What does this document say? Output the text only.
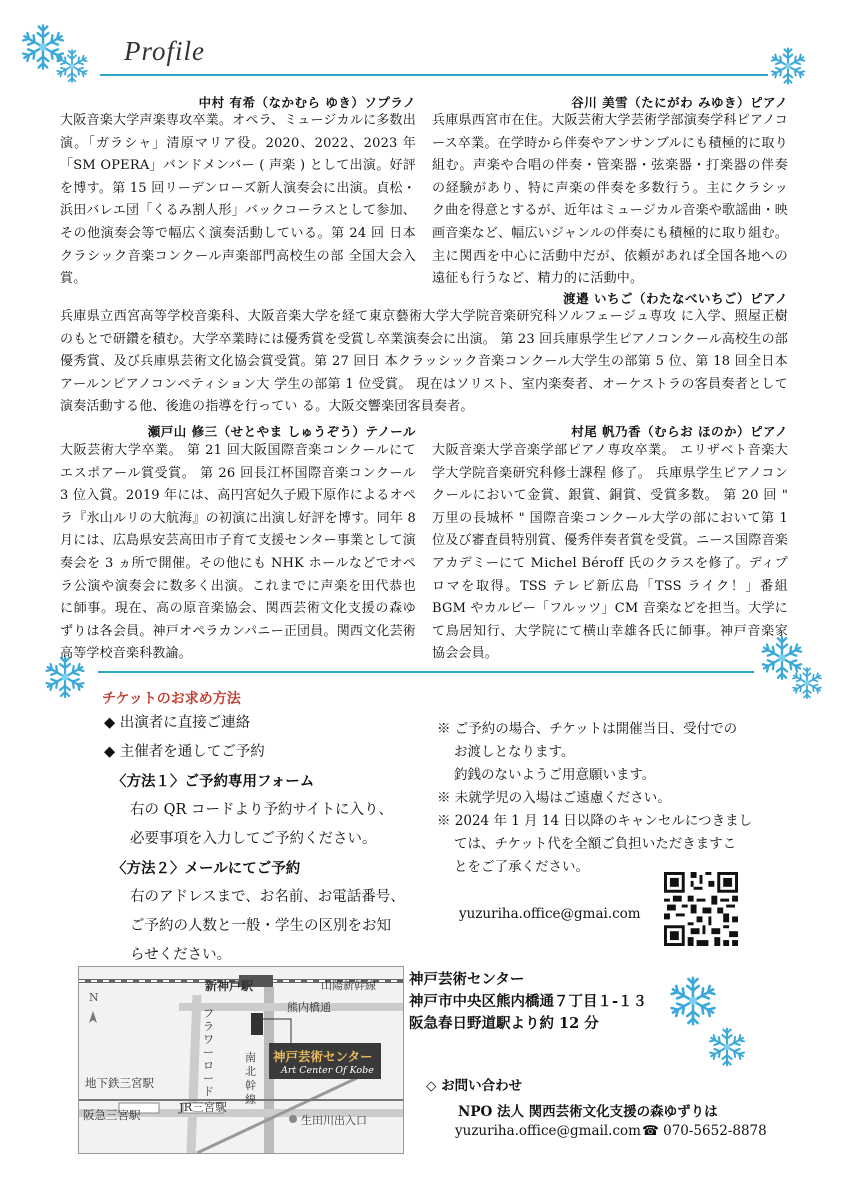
Profile
中村 有希（なかむら ゆき）ソプラノ
大阪音楽大学声楽専攻卒業。オペラ、ミュージカルに多数出演。「ガラシャ」清原マリア役。2020、2022、2023 年「SM OPERA」バンドメンバー ( 声楽 ) として出演。好評を博す。第 15 回リーデンローズ新人演奏会に出演。貞松・浜田バレエ団「くるみ割人形」バックコーラスとして参加、その他演奏会等で幅広く演奏活動している。第 24 回 日本クラシック音楽コンクール声楽部門高校生の部 全国大会入賞。
谷川 美雪（たにがわ みゆき）ピアノ
兵庫県西宮市在住。大阪芸術大学芸術学部演奏学科ピアノコース卒業。在学時から伴奏やアンサンブルにも積極的に取り組む。声楽や合唱の伴奏・管楽器・弦楽器・打楽器の伴奏の経験があり、特に声楽の伴奏を多数行う。主にクラシック曲を得意とするが、近年はミュージカル音楽や歌謡曲・映画音楽など、幅広いジャンルの伴奏にも積極的に取り組む。主に関西を中心に活動中だが、依頼があれば全国各地への遠征も行うなど、精力的に活動中。
渡邉 いちご（わたなべいちご）ピアノ
兵庫県立西宮高等学校音楽科、大阪音楽大学を経て東京藝術大学大学院音楽研究科ソルフェージュ専攻 に入学、照屋正樹のもとで研鑽を積む。大学卒業時には優秀賞を受賞し卒業演奏会に出演。 第 23 回兵庫県学生ピアノコンクール高校生の部優秀賞、及び兵庫県芸術文化協会賞受賞。第 27 回日 本クラッシック音楽コンクール大学生の部第 5 位、第 18 回全日本アールンピアノコンペティション大 学生の部第 1 位受賞。 現在はソリスト、室内楽奏者、オーケストラの客員奏者として演奏活動する他、後進の指導を行ってい る。大阪交響楽団客員奏者。
瀬戸山 修三（せとやま しゅうぞう）テノール
大阪芸術大学卒業。 第 21 回大阪国際音楽コンクールにてエスポアール賞受賞。 第 26 回長江杯国際音楽コンクール 3 位入賞。2019 年には、高円宮妃久子殿下原作によるオペラ『氷山ルリの大航海』の初演に出演し好評を博す。同年 8 月には、広島県安芸高田市子育て支援センター事業として演奏会を 3 ヵ所で開催。その他にも NHK ホールなどでオペラ公演や演奏会に数多く出演。これまでに声楽を田代恭也に師事。現在、高の原音楽協会、関西芸術文化支援の森ゆずりは各会員。神戸オペラカンパニー正団員。関西文化芸術高等学校音楽科教諭。
村尾 帆乃香（むらお ほのか）ピアノ
大阪音楽大学音楽学部ピアノ専攻卒業。 エリザベト音楽大学大学院音楽研究科修士課程 修了。 兵庫県学生ピアノコンクールにおいて金賞、銀賞、銅賞、受賞多数。 第 20 回 " 万里の長城杯 " 国際音楽コンクール大学の部において第 1 位及び審査員特別賞、優秀伴奏者賞を受賞。ニース国際音楽アカデミーにて Michel Béroff 氏のクラスを修了。ディプロマを取得。TSS テレビ新広島「TSS ライク！」番組 BGM やカルビー「フルッツ」CM 音楽などを担当。大学にて鳥居知行、大学院にて横山幸雄各氏に師事。神戸音楽家協会会員。
チケットのお求め方法
◆ 出演者に直接ご連絡
◆ 主催者を通してご予約
〈方法１〉ご予約専用フォーム
右の QR コードより予約サイトに入り、
必要事項を入力してご予約ください。
〈方法２〉メールにてご予約
右のアドレスまで、お名前、お電話番号、
ご予約の人数と一般・学生の区別をお知
らせください。
※ ご予約の場合、チケットは開催当日、受付での
お渡しとなります。
釣銭のないようご用意願います。
※ 未就学児の入場はご遠慮ください。
※ 2024 年 1 月 14 日以降のキャンセルにつきまし
ては、チケット代を全額ご負担いただきますこ
とをご了承ください。
yuzuriha.office@gmai.com
新神戸駅	山陽新幹線
熊内橋通
フラワーロード
南北幹線
N
神戸芸術センター
Art Center Of Kobe
地下鉄三宮駅
阪急三宮駅
JR三宮駅
生田川出入口
神戸芸術センター
神戸市中央区熊内橋通７丁目１-１３
阪急春日野道駅より約 12 分
◇ お問い合わせ
NPO 法人 関西芸術文化支援の森ゆずりは
yuzuriha.office@gmail.com ☎ 070-5652-8878
